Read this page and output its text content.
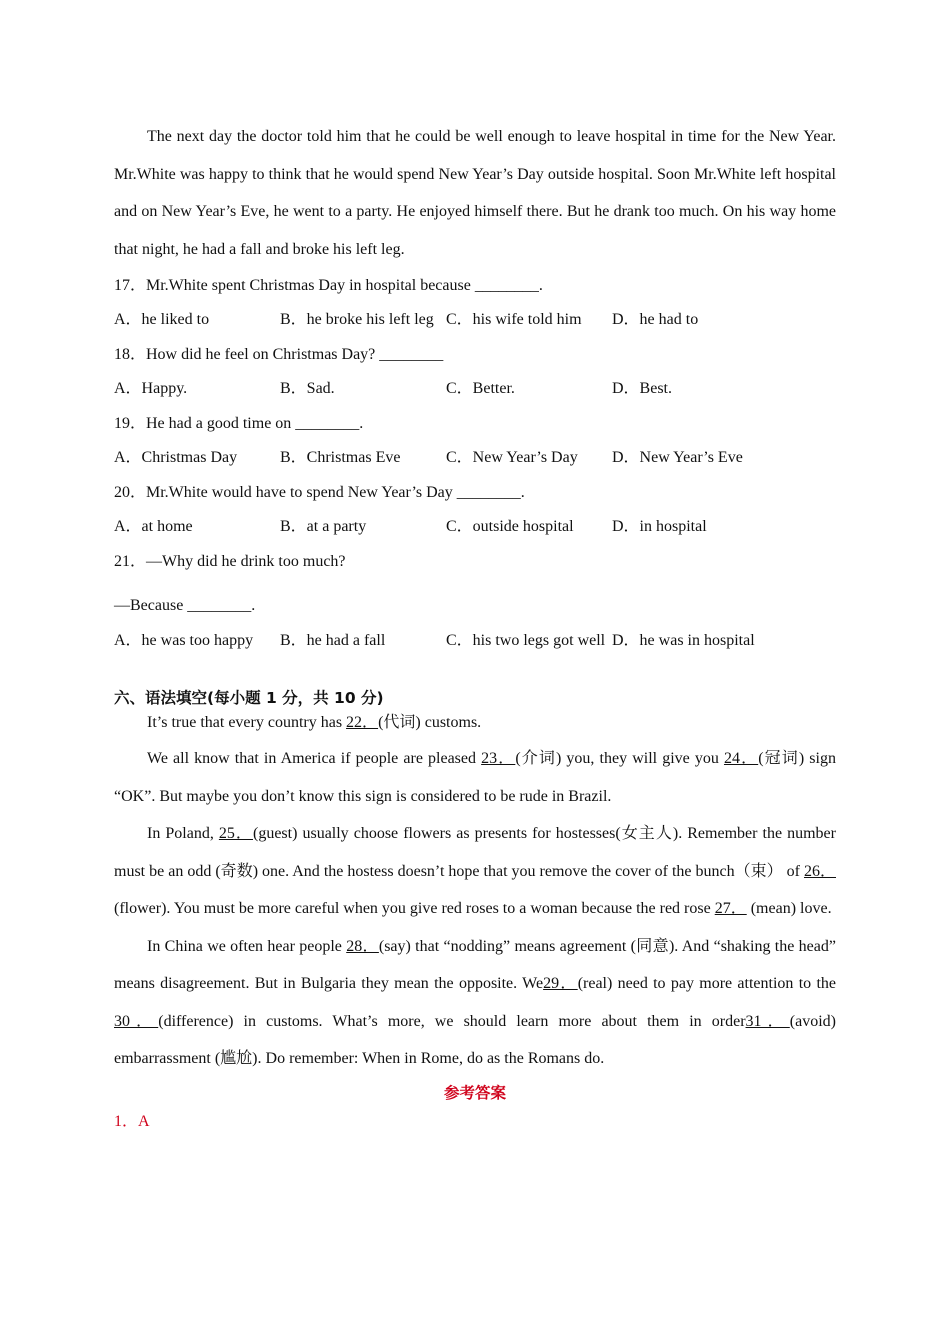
The next day the doctor told him that he could be well enough to leave hospital in time for the New Year. Mr.White was happy to think that he would spend New Year’s Day outside hospital. Soon Mr.White left hospital and on New Year’s Eve, he went to a party. He enjoyed himself there. But he drank too much. On his way home that night, he had a fall and broke his left leg.

17．Mr.White spent Christmas Day in hospital because ________.

A．he liked to	B．he broke his left leg C．his wife told him	D．he had to

18．How did he feel on Christmas Day? ________

A．Happy.	B．Sad.	C．Better.	D．Best.

19．He had a good time on ________.

A．Christmas Day	B．Christmas Eve	C．New Year’s Day	D．New Year’s Eve

20．Mr.White would have to spend New Year’s Day ________.

A．at home	B．at a party	C．outside hospital	D．in hospital

21．—Why did he drink too much?

—Because ________.

A．he was too happy	B．he had a fall	C．his two legs got well D．he was in hospital

六、语法填空(每小题 1 分，共 10 分)

It’s true that every country has 22．(代词) customs.

We all know that in America if people are pleased 23．(介词) you, they will give you 24．(冠词) sign “OK”. But maybe you don’t know this sign is considered to be rude in Brazil.

In Poland, 25．(guest) usually choose flowers as presents for hostesses(女主人). Remember the number must be an odd (奇数) one. And the hostess doesn’t hope that you remove the cover of the bunch（束） of 26．(flower). You must be more careful when you give red roses to a woman because the red rose 27． (mean) love.

In China we often hear people 28．(say) that “nodding” means agreement (同意). And “shaking the head” means disagreement. But in Bulgaria they mean the opposite. We29．(real) need to pay more attention to the 30．(difference) in customs. What’s more, we should learn more about them in order31．(avoid) embarrassment (尴尬). Do remember: When in Rome, do as the Romans do.

参考答案

1．A
